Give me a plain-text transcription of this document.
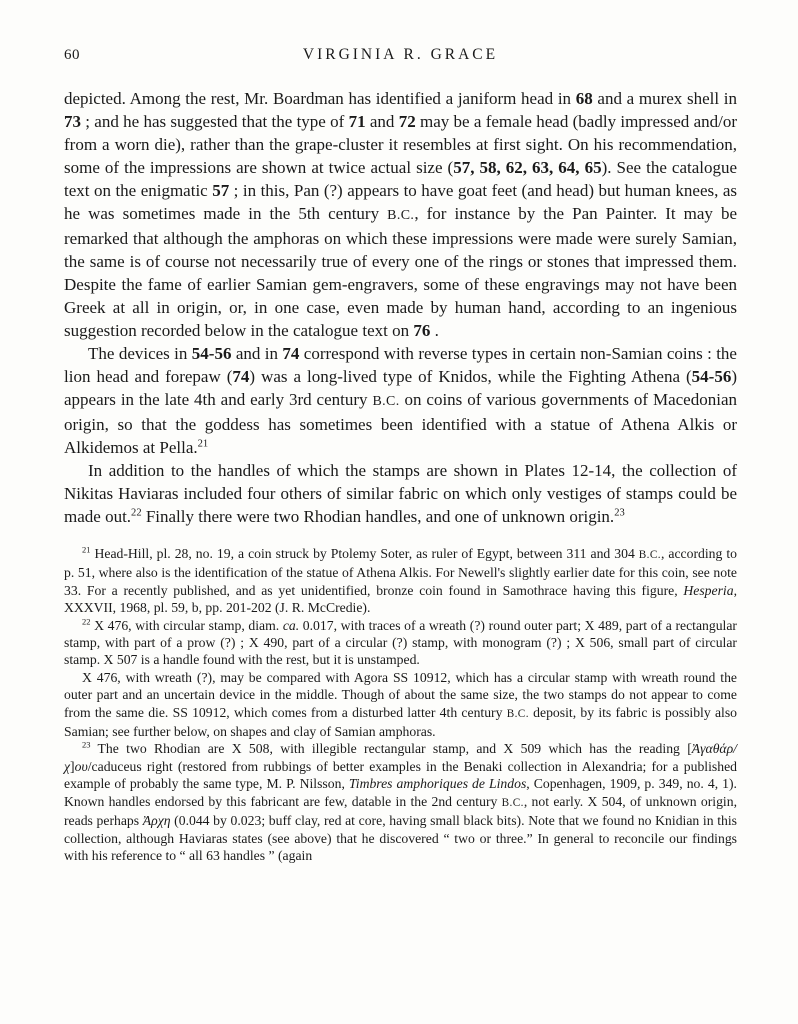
60	VIRGINIA R. GRACE

depicted. Among the rest, Mr. Boardman has identified a janiform head in 68 and a murex shell in 73 ; and he has suggested that the type of 71 and 72 may be a female head (badly impressed and/or from a worn die), rather than the grape-cluster it resembles at first sight. On his recommendation, some of the impressions are shown at twice actual size (57, 58, 62, 63, 64, 65). See the catalogue text on the enigmatic 57 ; in this, Pan (?) appears to have goat feet (and head) but human knees, as he was sometimes made in the 5th century B.C., for instance by the Pan Painter. It may be remarked that although the amphoras on which these impressions were made were surely Samian, the same is of course not necessarily true of every one of the rings or stones that impressed them. Despite the fame of earlier Samian gem-engravers, some of these engravings may not have been Greek at all in origin, or, in one case, even made by human hand, according to an ingenious suggestion recorded below in the catalogue text on 76 .

The devices in 54-56 and in 74 correspond with reverse types in certain non-Samian coins : the lion head and forepaw (74) was a long-lived type of Knidos, while the Fighting Athena (54-56) appears in the late 4th and early 3rd century B.C. on coins of various governments of Macedonian origin, so that the goddess has sometimes been identified with a statue of Athena Alkis or Alkidemos at Pella.$^{21}$

In addition to the handles of which the stamps are shown in Plates 12-14, the collection of Nikitas Haviaras included four others of similar fabric on which only vestiges of stamps could be made out.$^{22}$ Finally there were two Rhodian handles, and one of unknown origin.$^{23}$

$^{21}$ Head-Hill, pl. 28, no. 19, a coin struck by Ptolemy Soter, as ruler of Egypt, between 311 and 304 B.C., according to p. 51, where also is the identification of the statue of Athena Alkis. For Newell's slightly earlier date for this coin, see note 33. For a recently published, and as yet unidentified, bronze coin found in Samothrace having this figure, Hesperia, XXXVII, 1968, pl. 59, b, pp. 201-202 (J. R. McCredie).

$^{22}$ X 476, with circular stamp, diam. ca. 0.017, with traces of a wreath (?) round outer part; X 489, part of a rectangular stamp, with part of a prow (?) ; X 490, part of a circular (?) stamp, with monogram (?) ; X 506, small part of circular stamp. X 507 is a handle found with the rest, but it is unstamped.

X 476, with wreath (?), may be compared with Agora SS 10912, which has a circular stamp with wreath round the outer part and an uncertain device in the middle. Though of about the same size, the two stamps do not appear to come from the same die. SS 10912, which comes from a disturbed latter 4th century B.C. deposit, by its fabric is possibly also Samian; see further below, on shapes and clay of Samian amphoras.

$^{23}$ The two Rhodian are X 508, with illegible rectangular stamp, and X 509 which has the reading [Ἀγαθάρ/χ]ου/caduceus right (restored from rubbings of better examples in the Benaki collection in Alexandria; for a published example of probably the same type, M. P. Nilsson, Timbres amphoriques de Lindos, Copenhagen, 1909, p. 349, no. 4, 1). Known handles endorsed by this fabricant are few, datable in the 2nd century B.C., not early. X 504, of unknown origin, reads perhaps Ἀρχη (0.044 by 0.023; buff clay, red at core, having small black bits). Note that we found no Knidian in this collection, although Haviaras states (see above) that he discovered “ two or three.” In general to reconcile our findings with his reference to “ all 63 handles ” (again
